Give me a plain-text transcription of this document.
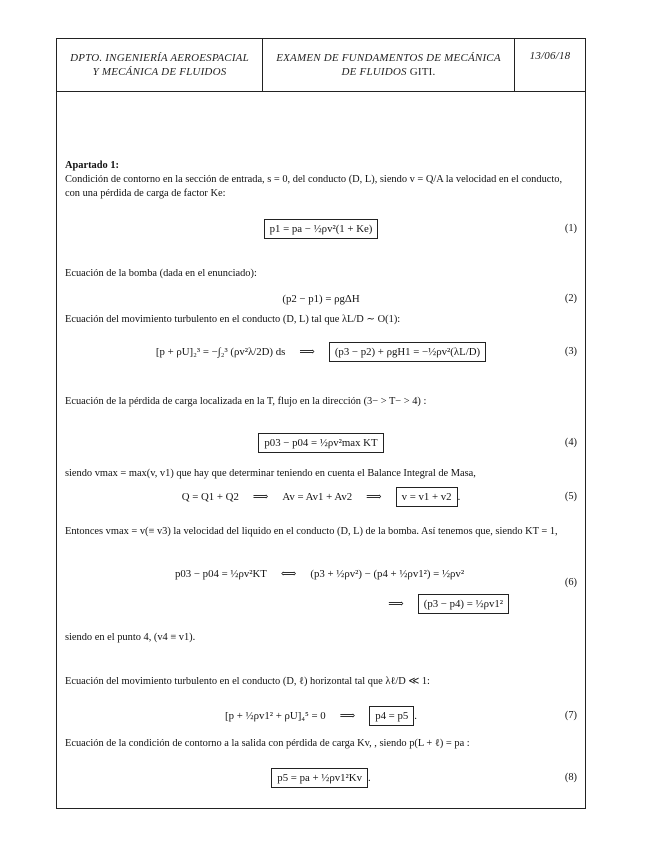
DPTO. INGENIERÍA AEROESPACIAL
Y MECÁNICA DE FLUIDOS
EXAMEN DE FUNDAMENTOS DE MECÁNICA
DE FLUIDOS GITI.
13/06/18
Apartado 1:
Condición de contorno en la sección de entrada, s = 0, del conducto (D, L), siendo v = Q/A la velocidad en el conducto, con una pérdida de carga de factor Ke:
p1 = pa − ½ρv²(1 + Ke)	(1)
Ecuación de la bomba (dada en el enunciado):
(p2 − p1) = ρgΔH	(2)
Ecuación del movimiento turbulento en el conducto (D, L) tal que λL/D ∼ O(1):
[p + ρU]₂³ = −∫₂³ (ρv²λ/2D) ds ⟹	(p3 − p2) + ρgH1 = −½ρv²(λL/D)	(3)
Ecuación de la pérdida de carga localizada en la T, flujo en la dirección (3− > T− > 4) :
p03 − p04 = ½ρv²max KT	(4)
siendo vmax = max(v, v1) que hay que determinar teniendo en cuenta el Balance Integral de Masa,
Q = Q1 + Q2 ⟹ Av = Av1 + Av2 ⟹	v = v1 + v2 .	(5)
Entonces vmax = v(≡ v3) la velocidad del liquido en el conducto (D, L) de la bomba. Así tenemos que, siendo KT = 1,
p03 − p04 = ½ρv²KT ⟺ (p3 + ½ρv²) − (p4 + ½ρv1²) = ½ρv²
⟹	(p3 − p4) = ½ρv1²
(6)
siendo en el punto 4, (v4 ≡ v1).
Ecuación del movimiento turbulento en el conducto (D, ℓ) horizontal tal que λℓ/D ≪ 1:
[p + ½ρv1² + ρU]₄⁵ = 0 ⟹	p4 = p5 .	(7)
Ecuación de la condición de contorno a la salida con pérdida de carga Kv, , siendo p(L + ℓ) = pa :
p5 = pa + ½ρv1²Kv .	(8)
